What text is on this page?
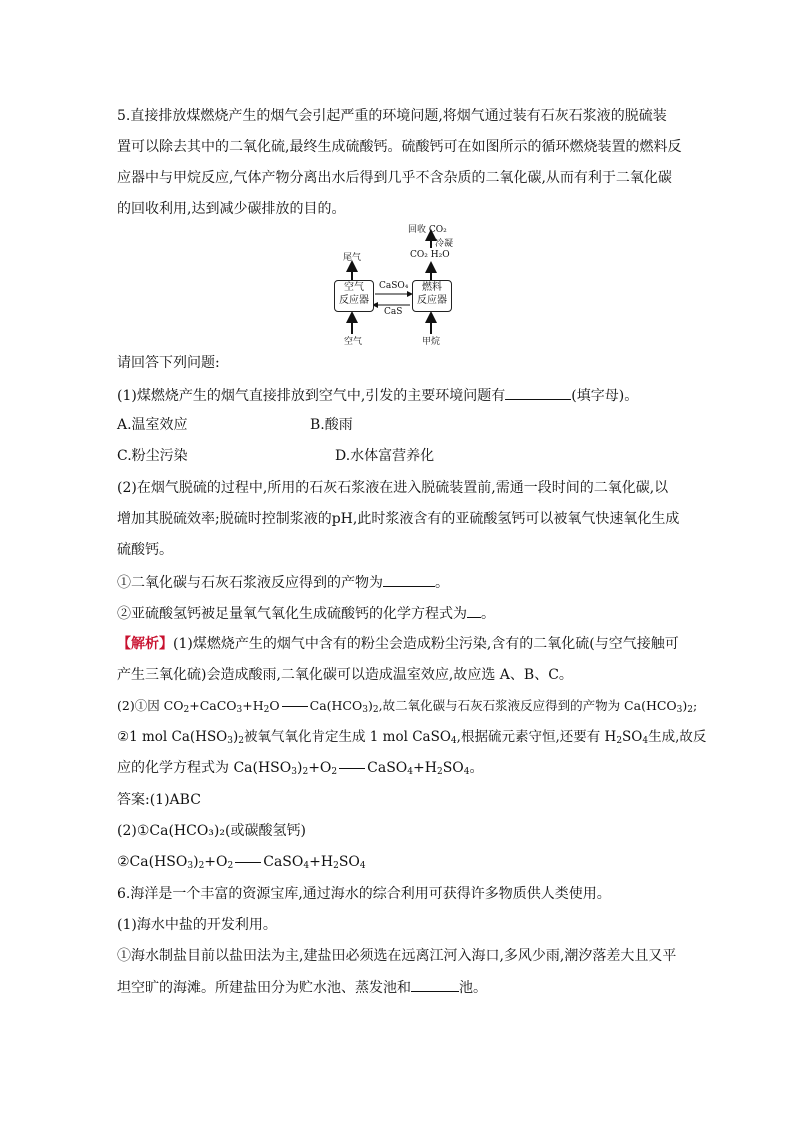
5.直接排放煤燃烧产生的烟气会引起严重的环境问题,将烟气通过装有石灰石浆液的脱硫装
置可以除去其中的二氧化硫,最终生成硫酸钙。硫酸钙可在如图所示的循环燃烧装置的燃料反
应器中与甲烷反应,气体产物分离出水后得到几乎不含杂质的二氧化碳,从而有利于二氧化碳
的回收利用,达到减少碳排放的目的。
回收 CO₂
冷凝
CO₂ H₂O
尾气
空气
反应器
燃料
反应器
CaSO₄
CaS
空气	甲烷
请回答下列问题:
(1)煤燃烧产生的烟气直接排放到空气中,引发的主要环境问题有	(填字母)。
A.温室效应	B.酸雨
C.粉尘污染	D.水体富营养化
(2)在烟气脱硫的过程中,所用的石灰石浆液在进入脱硫装置前,需通一段时间的二氧化碳,以
增加其脱硫效率;脱硫时控制浆液的pH,此时浆液含有的亚硫酸氢钙可以被氧气快速氧化生成
硫酸钙。
①二氧化碳与石灰石浆液反应得到的产物为	。
②亚硫酸氢钙被足量氧气氧化生成硫酸钙的化学方程式为 。
【解析】(1)煤燃烧产生的烟气中含有的粉尘会造成粉尘污染,含有的二氧化硫(与空气接触可
产生三氧化硫)会造成酸雨,二氧化碳可以造成温室效应,故应选 A、B、C。
(2)①因 $CO_2+CaCO_3+H_2O$ $Ca(HCO_3)_2$,故二氧化碳与石灰石浆液反应得到的产物为 $Ca(HCO_3)_2$;
②1 mol $Ca(HSO_3)_2$被氧气氧化肯定生成 1 mol CaSO$_4$,根据硫元素守恒,还要有 $H_2SO_4$生成,故反
应的化学方程式为 $Ca(HSO_3)_2+O_2$ $CaSO_4+H_2SO_4$。
答案:(1)ABC
(2)①Ca(HCO₃)₂(或碳酸氢钙)
$②Ca(HSO_3)_2+O_2$ $CaSO_4+H_2SO_4$
6.海洋是一个丰富的资源宝库,通过海水的综合利用可获得许多物质供人类使用。
(1)海水中盐的开发利用。
①海水制盐目前以盐田法为主,建盐田必须选在远离江河入海口,多风少雨,潮汐落差大且又平
坦空旷的海滩。所建盐田分为贮水池、蒸发池和	池。
